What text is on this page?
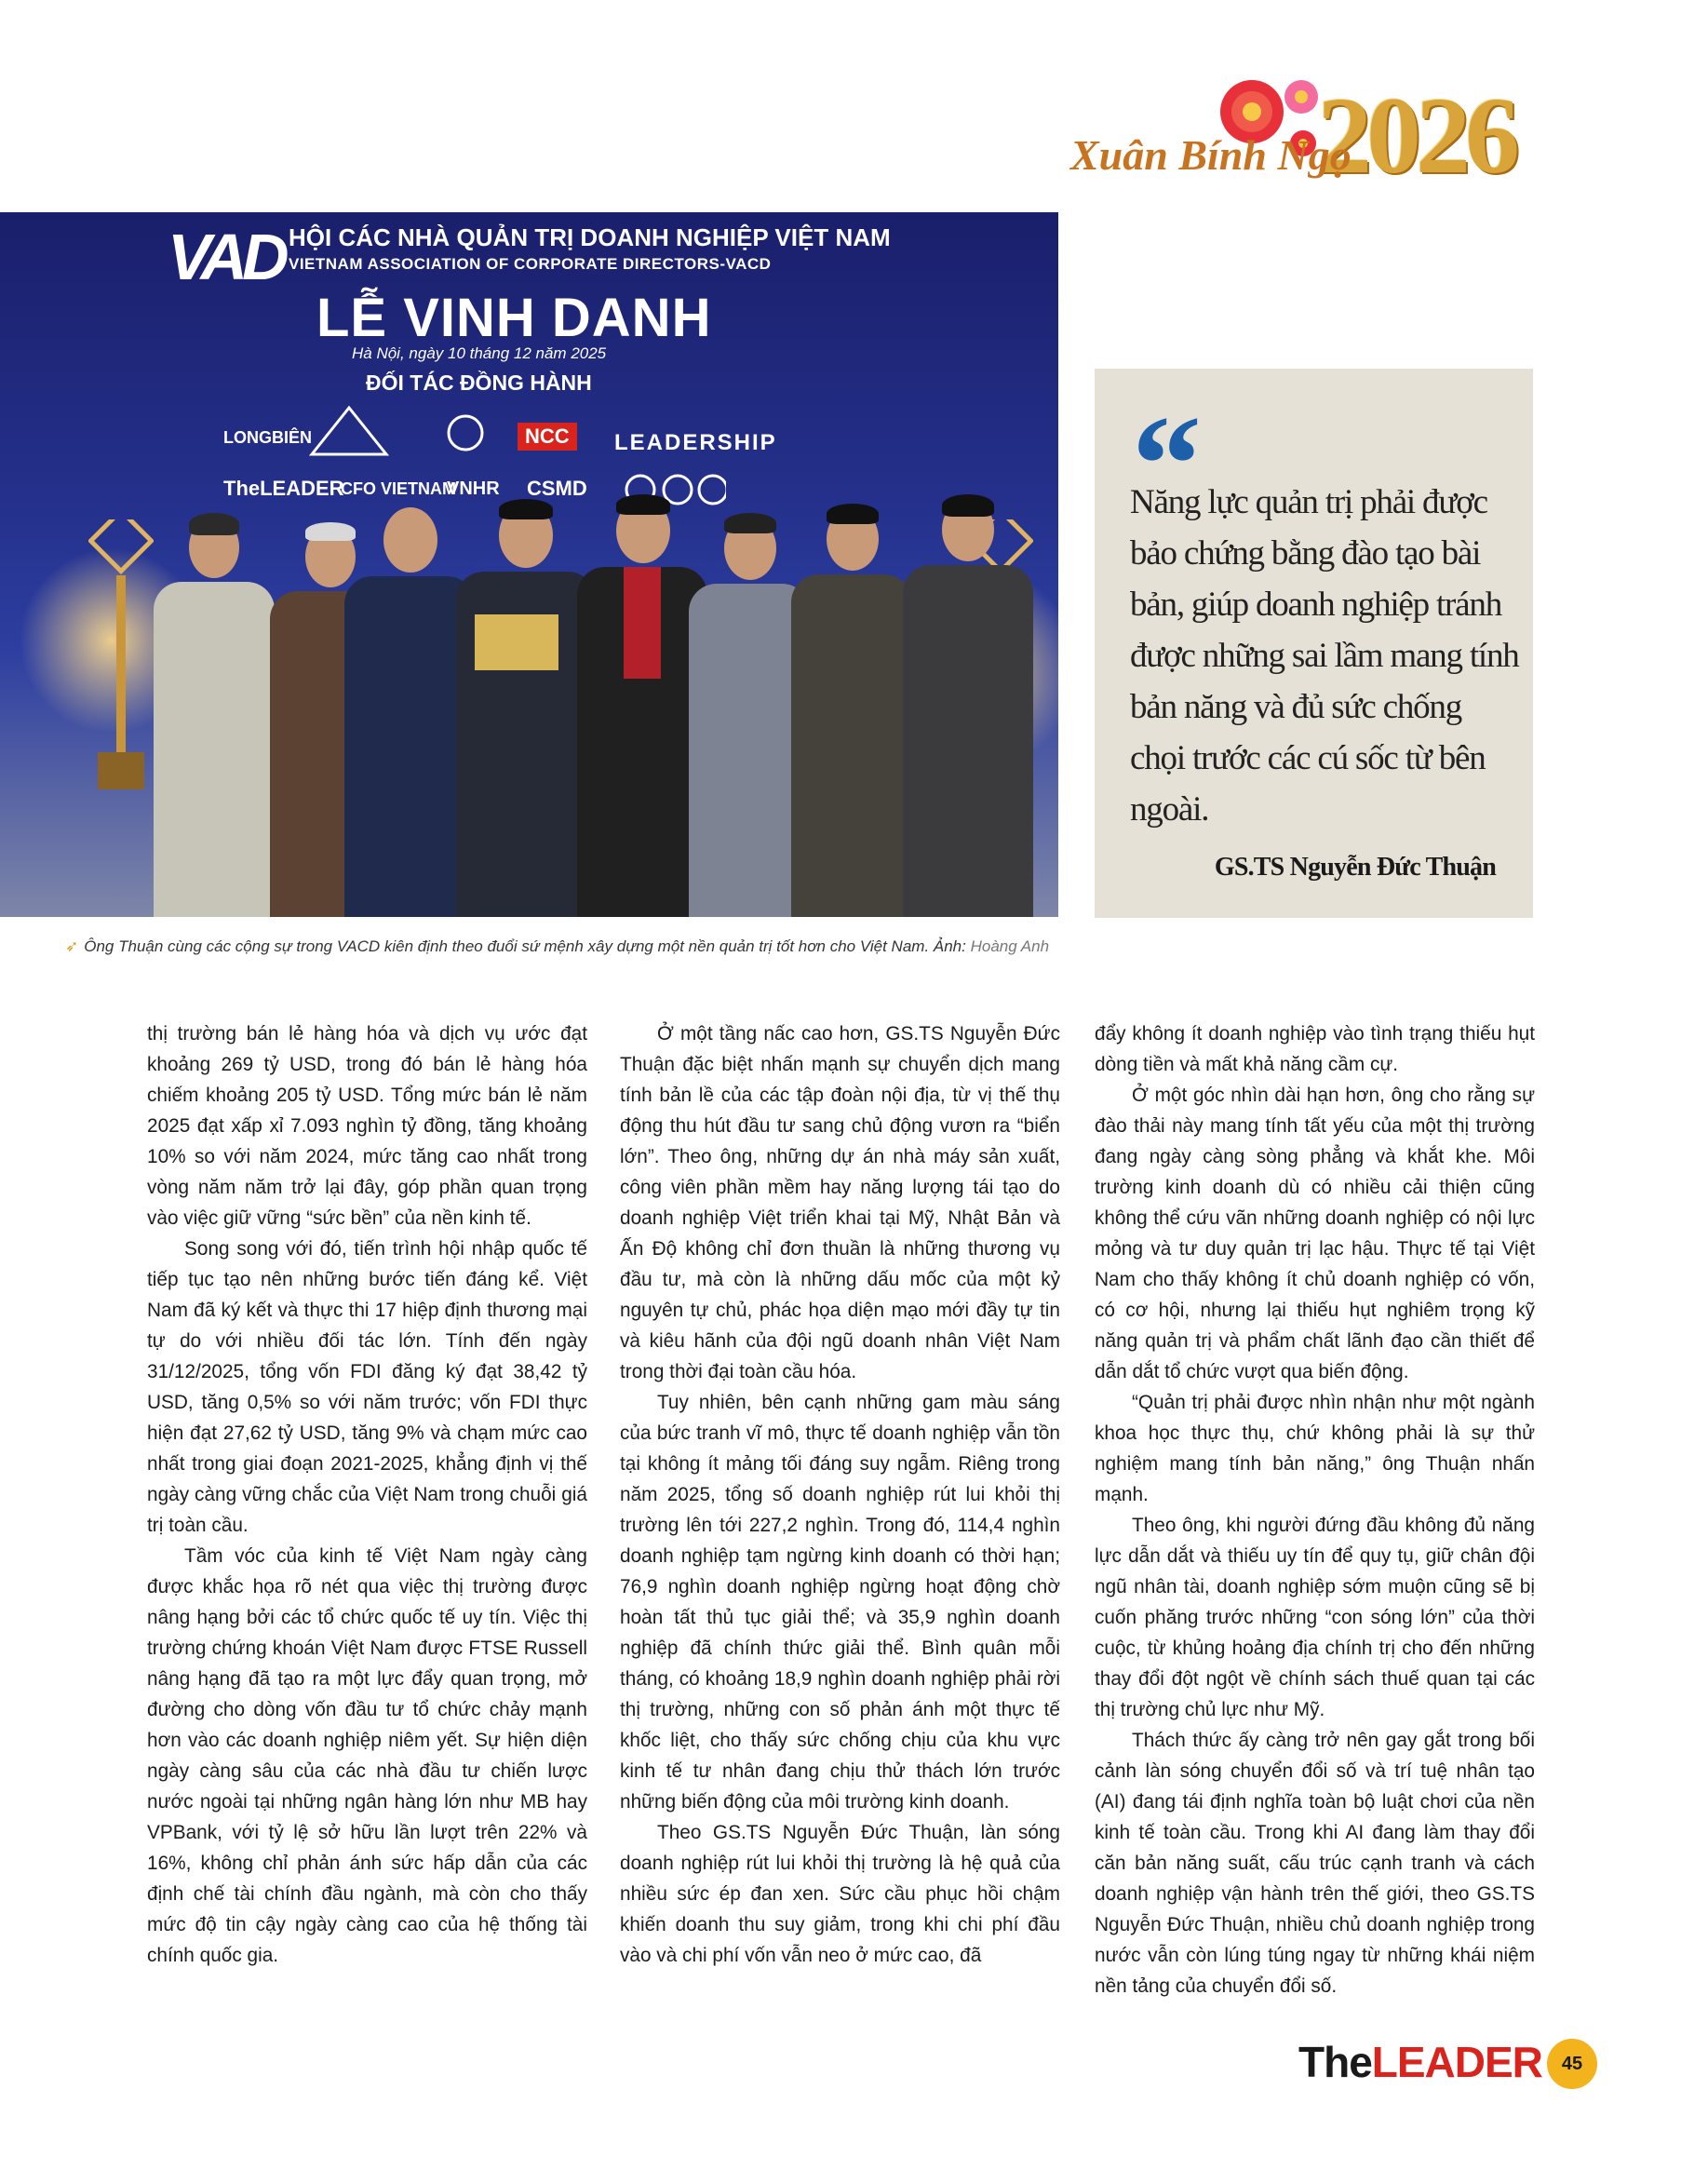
2026
Xuân Bính Ngọ
VAD HỘI CÁC NHÀ QUẢN TRỊ DOANH NGHIỆP VIỆT NAM
VIETNAM ASSOCIATION OF CORPORATE DIRECTORS-VACD
LỄ VINH DANH
Hà Nội, ngày 10 tháng 12 năm 2025
ĐỐI TÁC ĐỒNG HÀNH
LONGBIÊN	NCC	LEADERSHIP
TheLEADER
CFO VIETNAM
VNHR CSMD
➶ Ông Thuận cùng các cộng sự trong VACD kiên định theo đuổi sứ mệnh xây dựng một nền quản trị tốt hơn cho Việt Nam. Ảnh: Hoàng Anh
“
Năng lực quản trị phải được bảo chứng bằng đào tạo bài bản, giúp doanh nghiệp tránh được những sai lầm mang tính bản năng và đủ sức chống chọi trước các cú sốc từ bên ngoài.
GS.TS Nguyễn Đức Thuận

thị trường bán lẻ hàng hóa và dịch vụ ước đạt khoảng 269 tỷ USD, trong đó bán lẻ hàng hóa chiếm khoảng 205 tỷ USD. Tổng mức bán lẻ năm 2025 đạt xấp xỉ 7.093 nghìn tỷ đồng, tăng khoảng 10% so với năm 2024, mức tăng cao nhất trong vòng năm năm trở lại đây, góp phần quan trọng vào việc giữ vững “sức bền” của nền kinh tế.

Song song với đó, tiến trình hội nhập quốc tế tiếp tục tạo nên những bước tiến đáng kể. Việt Nam đã ký kết và thực thi 17 hiệp định thương mại tự do với nhiều đối tác lớn. Tính đến ngày 31/12/2025, tổng vốn FDI đăng ký đạt 38,42 tỷ USD, tăng 0,5% so với năm trước; vốn FDI thực hiện đạt 27,62 tỷ USD, tăng 9% và chạm mức cao nhất trong giai đoạn 2021-2025, khẳng định vị thế ngày càng vững chắc của Việt Nam trong chuỗi giá trị toàn cầu.

Tầm vóc của kinh tế Việt Nam ngày càng được khắc họa rõ nét qua việc thị trường được nâng hạng bởi các tổ chức quốc tế uy tín. Việc thị trường chứng khoán Việt Nam được FTSE Russell nâng hạng đã tạo ra một lực đẩy quan trọng, mở đường cho dòng vốn đầu tư tổ chức chảy mạnh hơn vào các doanh nghiệp niêm yết. Sự hiện diện ngày càng sâu của các nhà đầu tư chiến lược nước ngoài tại những ngân hàng lớn như MB hay VPBank, với tỷ lệ sở hữu lần lượt trên 22% và 16%, không chỉ phản ánh sức hấp dẫn của các định chế tài chính đầu ngành, mà còn cho thấy mức độ tin cậy ngày càng cao của hệ thống tài chính quốc gia.

Ở một tầng nấc cao hơn, GS.TS Nguyễn Đức Thuận đặc biệt nhấn mạnh sự chuyển dịch mang tính bản lề của các tập đoàn nội địa, từ vị thế thụ động thu hút đầu tư sang chủ động vươn ra “biển lớn”. Theo ông, những dự án nhà máy sản xuất, công viên phần mềm hay năng lượng tái tạo do doanh nghiệp Việt triển khai tại Mỹ, Nhật Bản và Ấn Độ không chỉ đơn thuần là những thương vụ đầu tư, mà còn là những dấu mốc của một kỷ nguyên tự chủ, phác họa diện mạo mới đầy tự tin và kiêu hãnh của đội ngũ doanh nhân Việt Nam trong thời đại toàn cầu hóa.

Tuy nhiên, bên cạnh những gam màu sáng của bức tranh vĩ mô, thực tế doanh nghiệp vẫn tồn tại không ít mảng tối đáng suy ngẫm. Riêng trong năm 2025, tổng số doanh nghiệp rút lui khỏi thị trường lên tới 227,2 nghìn. Trong đó, 114,4 nghìn doanh nghiệp tạm ngừng kinh doanh có thời hạn; 76,9 nghìn doanh nghiệp ngừng hoạt động chờ hoàn tất thủ tục giải thể; và 35,9 nghìn doanh nghiệp đã chính thức giải thể. Bình quân mỗi tháng, có khoảng 18,9 nghìn doanh nghiệp phải rời thị trường, những con số phản ánh một thực tế khốc liệt, cho thấy sức chống chịu của khu vực kinh tế tư nhân đang chịu thử thách lớn trước những biến động của môi trường kinh doanh.

Theo GS.TS Nguyễn Đức Thuận, làn sóng doanh nghiệp rút lui khỏi thị trường là hệ quả của nhiều sức ép đan xen. Sức cầu phục hồi chậm khiến doanh thu suy giảm, trong khi chi phí đầu vào và chi phí vốn vẫn neo ở mức cao, đã

đẩy không ít doanh nghiệp vào tình trạng thiếu hụt dòng tiền và mất khả năng cầm cự.

Ở một góc nhìn dài hạn hơn, ông cho rằng sự đào thải này mang tính tất yếu của một thị trường đang ngày càng sòng phẳng và khắt khe. Môi trường kinh doanh dù có nhiều cải thiện cũng không thể cứu vãn những doanh nghiệp có nội lực mỏng và tư duy quản trị lạc hậu. Thực tế tại Việt Nam cho thấy không ít chủ doanh nghiệp có vốn, có cơ hội, nhưng lại thiếu hụt nghiêm trọng kỹ năng quản trị và phẩm chất lãnh đạo cần thiết để dẫn dắt tổ chức vượt qua biến động.

“Quản trị phải được nhìn nhận như một ngành khoa học thực thụ, chứ không phải là sự thử nghiệm mang tính bản năng,” ông Thuận nhấn mạnh.

Theo ông, khi người đứng đầu không đủ năng lực dẫn dắt và thiếu uy tín để quy tụ, giữ chân đội ngũ nhân tài, doanh nghiệp sớm muộn cũng sẽ bị cuốn phăng trước những “con sóng lớn” của thời cuộc, từ khủng hoảng địa chính trị cho đến những thay đổi đột ngột về chính sách thuế quan tại các thị trường chủ lực như Mỹ.

Thách thức ấy càng trở nên gay gắt trong bối cảnh làn sóng chuyển đổi số và trí tuệ nhân tạo (AI) đang tái định nghĩa toàn bộ luật chơi của nền kinh tế toàn cầu. Trong khi AI đang làm thay đổi căn bản năng suất, cấu trúc cạnh tranh và cách doanh nghiệp vận hành trên thế giới, theo GS.TS Nguyễn Đức Thuận, nhiều chủ doanh nghiệp trong nước vẫn còn lúng túng ngay từ những khái niệm nền tảng của chuyển đổi số.

TheLEADER	45
